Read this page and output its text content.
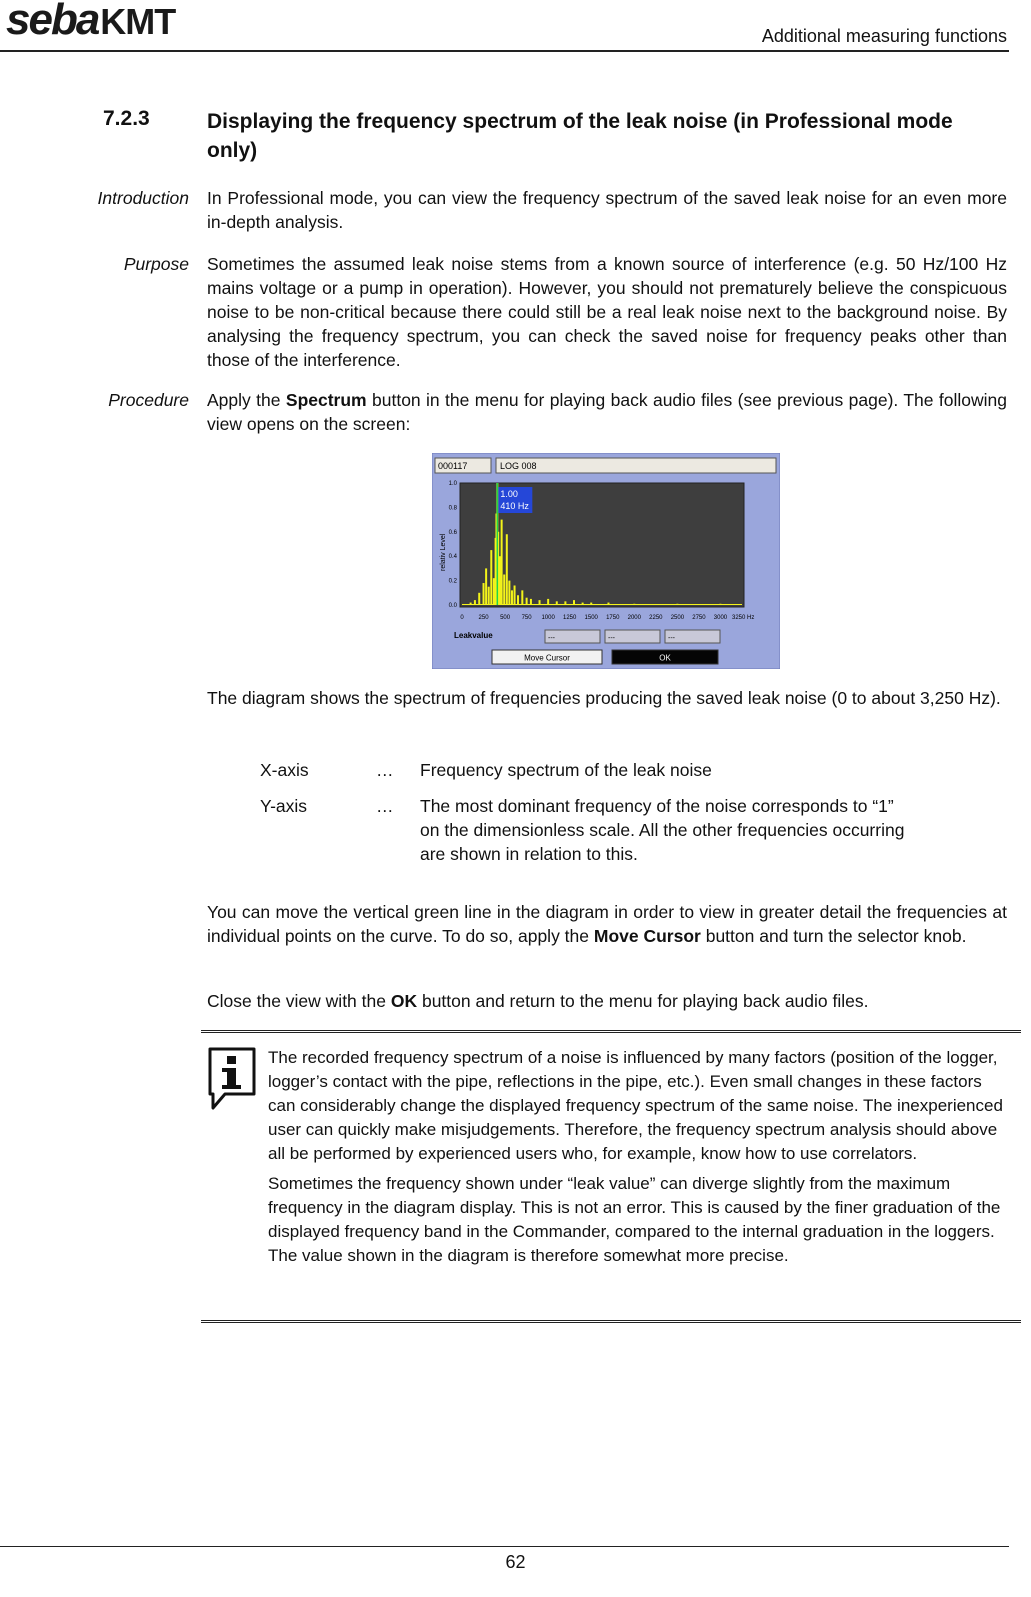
sebaKMT	Additional measuring functions
7.2.3	Displaying the frequency spectrum of the leak noise (in Professional mode only)
Introduction In Professional mode, you can view the frequency spectrum of the saved leak noise for an even more in-depth analysis.

Purpose Sometimes the assumed leak noise stems from a known source of interference (e.g. 50 Hz/100 Hz mains voltage or a pump in operation). However, you should not prematurely believe the conspicuous noise to be non-critical because there could still be a real leak noise next to the background noise. By analysing the frequency spectrum, you can check the saved noise for frequency peaks other than those of the interference.

Procedure Apply the Spectrum button in the menu for playing back audio files (see previous page). The following view opens on the screen:

000117	LOG 008
relativ Level
0.0
0.2
0.4
0.6
0.8
1.0
0 250 500 750 1000 1250 1500 1750 2000 2250 2500 2750 3000 3250 Hz
1.00
410 Hz
Leakvalue	---	---	---
Move Cursor	OK

The diagram shows the spectrum of frequencies producing the saved leak noise (0 to about 3,250 Hz).

X-axis	… Frequency spectrum of the leak noise
Y-axis	… The most dominant frequency of the noise corresponds to “1” on the dimensionless scale. All the other frequencies occurring are shown in relation to this.

You can move the vertical green line in the diagram in order to view in greater detail the frequencies at individual points on the curve. To do so, apply the Move Cursor button and turn the selector knob.

Close the view with the OK button and return to the menu for playing back audio files.

The recorded frequency spectrum of a noise is influenced by many factors (position of the logger, logger’s contact with the pipe, reflections in the pipe, etc.). Even small changes in these factors can considerably change the displayed frequency spectrum of the same noise. The inexperienced user can quickly make misjudgements. Therefore, the frequency spectrum analysis should above all be performed by experienced users who, for example, know how to use correlators.

Sometimes the frequency shown under “leak value” can diverge slightly from the maximum frequency in the diagram display. This is not an error. This is caused by the finer graduation of the displayed frequency band in the Commander, compared to the internal graduation in the loggers. The value shown in the diagram is therefore somewhat more precise.

62
